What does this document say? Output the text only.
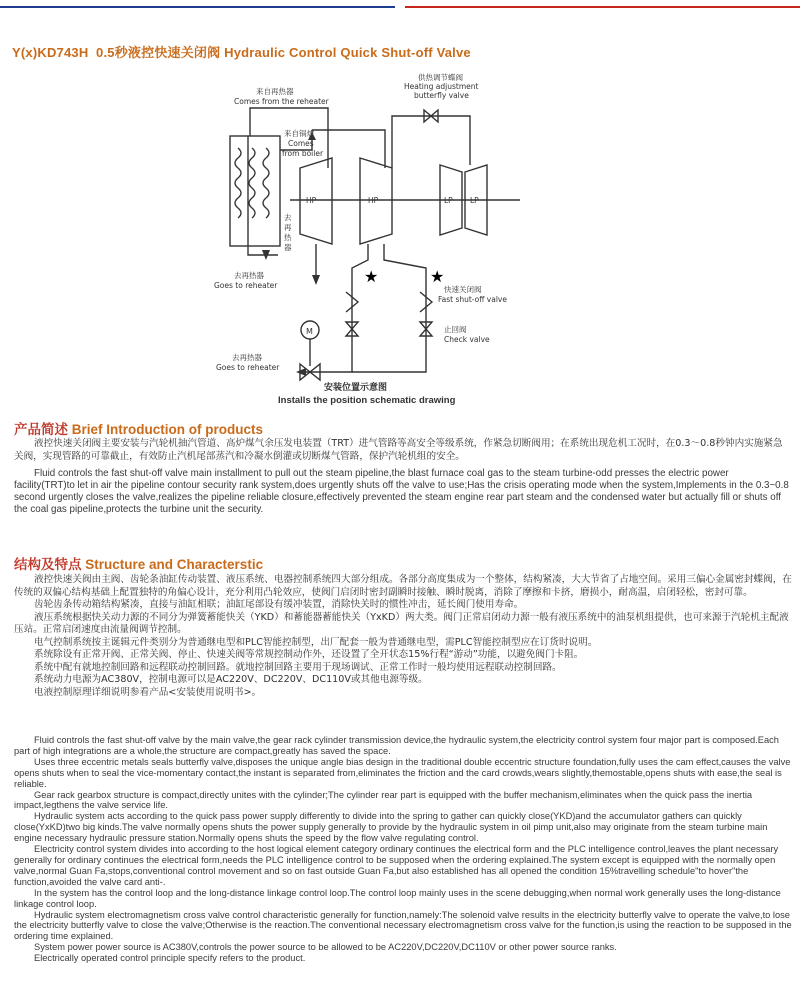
Y(x)KD743H 0.5秒液控快速关闭阀 Hydraulic Control Quick Shut-off Valve
★	★
来自再热器
Comes from the reheater
来自锅炉
Comes
from boiler
供热调节蝶阀
Heating adjustment
butterfly valve
HP	HP	LP LP
去
再
热
器
去再热器
Goes to reheater	快速关闭阀
Fast shut-off valve
止回阀
Check valve
M
去再热器
Goes to reheater
安装位置示意图
Installs the position schematic drawing
产品简述 Brief Introduction of products
液控快速关闭阀主要安装与汽轮机抽汽管道、高炉煤气余压发电装置（TRT）进气管路等高安全等级系统，作紧急切断阀用；在系统出现危机工况时，在0.3～0.8秒钟内实施紧急关阀，实现管路的可靠截止，有效防止汽机尾部蒸汽和冷凝水倒灌或切断煤气管路，保护汽轮机组的安全。
Fluid controls the fast shut-off valve main installment to pull out the steam pipeline,the blast furnace coal gas to the steam turbine-odd presses the electric power facility(TRT)to let in air the pipeline contour security rank system,does urgently shuts off the valve to use;Has the crisis operating mode when the system,Implements in the 0.3~0.8 second urgently closes the valve,realizes the pipeline reliable closure,effectively prevented the steam engine rear part steam and the condensed water but actually fill or shuts off the coal gas pipeline,protects the turbine unit the security.
结构及特点 Structure and Characterstic

液控快速关阀由主阀、齿轮条油缸传动装置、液压系统、电器控制系统四大部分组成。各部分高度集成为一个整体，结构紧凑，大大节省了占地空间。采用三偏心金属密封蝶阀，在传统的双偏心结构基础上配置独特的角偏心设计，充分利用凸轮效应，使阀门启闭时密封副瞬时接触、瞬时脱离，消除了摩擦和卡挤，磨损小，耐高温，启闭轻松，密封可靠。

齿轮齿条传动箱结构紧凑，直接与油缸相联；油缸尾部设有缓冲装置，消除快关时的惯性冲击，延长阀门使用寿命。

液压系统根据快关动力源的不同分为弹簧蓄能快关（YKD）和蓄能器蓄能快关（YxKD）两大类。阀门正常启闭动力源一般有液压系统中的油泵机组提供，也可来源于汽轮机主配液压站。正常启闭速度由流量阀调节控制。

电气控制系统按主诞辑元件类别分为普通继电型和PLC智能控制型，出厂配套一般为普通继电型，需PLC智能控制型应在订货时说明。

系统除设有正常开阀、正常关阀、停止、快速关阀等常规控制动作外，还设置了全开状态15%行程“游动”功能，以避免阀门卡阻。

系统中配有就地控制回路和远程联动控制回路。就地控制回路主要用于现场调试、正常工作时一般均使用远程联动控制回路。

系统动力电源为AC380V，控制电源可以是AC220V、DC220V、DC110V或其他电源等级。

电液控制原理详细说明参看产品<安装使用说明书>。

Fluid controls the fast shut-off valve by the main valve,the gear rack cylinder transmission device,the hydraulic system,the electricity control system four major part is composed.Each part of high integrations are a whole,the structure are compact,greatly has saved the space.

Uses three eccentric metals seals butterfly valve,disposes the unique angle bias design in the traditional double eccentric structure foundation,fully uses the cam effect,causes the valve opens shuts when to seal the vice-momentary contact,the instant is separated from,eliminates the friction and the card crowds,wears slightly,themostable,opens shuts with ease,the seal is reliable.

Gear rack gearbox structure is compact,directly unites with the cylinder;The cylinder rear part is equipped with the buffer mechanism,eliminates when the quick pass the inertia impact,legthens the valve service life.

Hydraulic system acts according to the quick pass power supply differently to divide into the spring to gather can quickly close(YKD)and the accumulator gathers can quickly close(YxKD)two big kinds.The valve normally opens shuts the power supply generally to provide by the hydraulic system in oil pimp unit,also may originate from the steam turbine main engine necessary hydraulic pressure station.Normally opens shuts the speed by the flow valve regulating control.

Electricity control system divides into according to the host logical element category ordinary continues the electrical form and the PLC intelligence control,leaves the plant necessary generally for ordinary continues the electrical form,needs the PLC intelligence control to be supposed when the ordering explained.The system except is equipped with the normally open valve,normal Guan Fa,stops,conventional control movement and so on fast outside Guan Fa,but also established has all opened the condition 15%travelling schedule"to hover"the function,avoided the valve card anti-.

In the system has the control loop and the long-distance linkage control loop.The control loop mainly uses in the scene debugging,when normal work generally uses the long-distance linkage control loop.

Hydraulic system electromagnetism cross valve control characteristic generally for function,namely:The solenoid valve results in the electricity butterfly valve to operate the valve,to lose the electricity butterfly valve to close the valve;Otherwise is the reaction.The conventional necessary electromagnetism cross valve for the function,is using the reaction to be supposed in the ordering time explained.

System power power source is AC380V,controls the power source to be allowed to be AC220V,DC220V,DC110V or other power source ranks.

Electrically operated control principle specify refers to the product.
